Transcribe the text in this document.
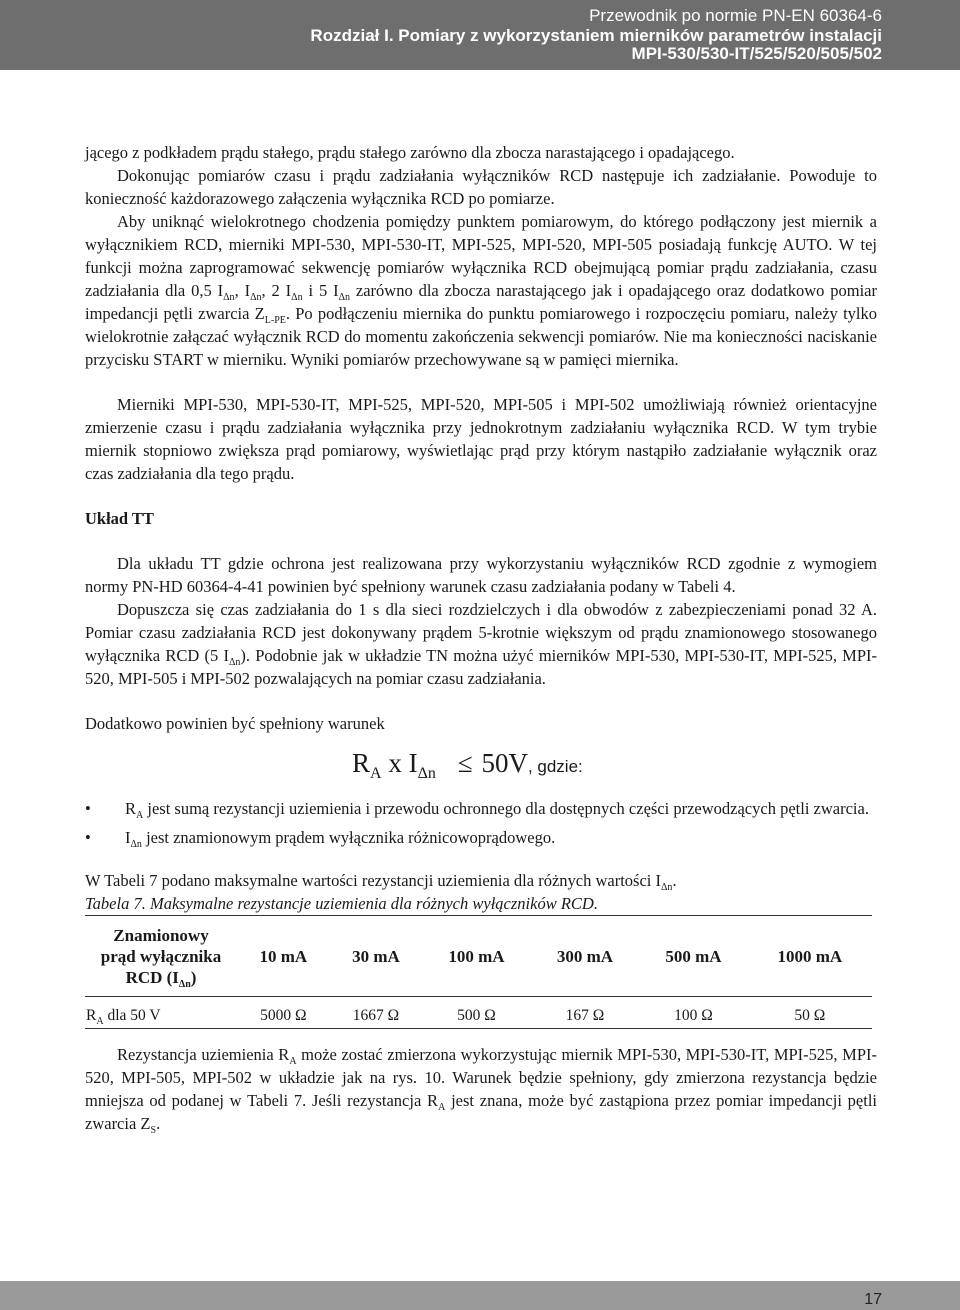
Przewodnik po normie PN-EN 60364-6
Rozdział I. Pomiary z wykorzystaniem mierników parametrów instalacji
MPI-530/530-IT/525/520/505/502

jącego z podkładem prądu stałego, prądu stałego zarówno dla zbocza narastającego i opadającego.

Dokonując pomiarów czasu i prądu zadziałania wyłączników RCD następuje ich zadziałanie. Powoduje to konieczność każdorazowego załączenia wyłącznika RCD po pomiarze.

Aby uniknąć wielokrotnego chodzenia pomiędzy punktem pomiarowym, do którego podłączony jest miernik a wyłącznikiem RCD, mierniki MPI-530, MPI-530-IT, MPI-525, MPI-520, MPI-505 posiadają funkcję AUTO. W tej funkcji można zaprogramować sekwencję pomiarów wyłącznika RCD obejmującą pomiar prądu zadziałania, czasu zadziałania dla 0,5 $I_{\Delta n}$, $I_{\Delta n}$, 2 $I_{\Delta n}$ i 5 $I_{\Delta n}$ zarówno dla zbocza narastającego jak i opadającego oraz dodatkowo pomiar impedancji pętli zwarcia $Z_{L-PE}$. Po podłączeniu miernika do punktu pomiarowego i rozpoczęciu pomiaru, należy tylko wielokrotnie załączać wyłącznik RCD do momentu zakończenia sekwencji pomiarów. Nie ma konieczności naciskanie przycisku START w mierniku. Wyniki pomiarów przechowywane są w pamięci miernika.

Mierniki MPI-530, MPI-530-IT, MPI-525, MPI-520, MPI-505 i MPI-502 umożliwiają również orientacyjne zmierzenie czasu i prądu zadziałania wyłącznika przy jednokrotnym zadziałaniu wyłącznika RCD. W tym trybie miernik stopniowo zwiększa prąd pomiarowy, wyświetlając prąd przy którym nastąpiło zadziałanie wyłącznik oraz czas zadziałania dla tego prądu.

Układ TT

Dla układu TT gdzie ochrona jest realizowana przy wykorzystaniu wyłączników RCD zgodnie z wymogiem normy PN-HD 60364-4-41 powinien być spełniony warunek czasu zadziałania podany w Tabeli 4.

Dopuszcza się czas zadziałania do 1 s dla sieci rozdzielczych i dla obwodów z zabezpieczeniami ponad 32 A. Pomiar czasu zadziałania RCD jest dokonywany prądem 5-krotnie większym od prądu znamionowego stosowanego wyłącznika RCD (5 $I_{\Delta n}$). Podobnie jak w układzie TN można użyć mierników MPI-530, MPI-530-IT, MPI-525, MPI-520, MPI-505 i MPI-502 pozwalających na pomiar czasu zadziałania.

Dodatkowo powinien być spełniony warunek

$R_A$ x $I_{\Delta n} \le 50V$, gdzie:
• $R_A$ jest sumą rezystancji uziemienia i przewodu ochronnego dla dostępnych części przewodzących pętli zwarcia.
• $I_{\Delta n}$ jest znamionowym prądem wyłącznika różnicowoprądowego.

W Tabeli 7 podano maksymalne wartości rezystancji uziemienia dla różnych wartości $I_{\Delta n}$.

Tabela 7. Maksymalne rezystancje uziemienia dla różnych wyłączników RCD.

Znamionowy
prąd wyłącznika
RCD $(I_{\Delta n})$	10 mA	30 mA	100 mA	300 mA	500 mA	1000 mA

$R_A$ dla 50 V	5000 Ω	1667 Ω	500 Ω	167 Ω	100 Ω	50 Ω

Rezystancja uziemienia $R_A$ może zostać zmierzona wykorzystując miernik MPI-530, MPI-530-IT, MPI-525, MPI-520, MPI-505, MPI-502 w układzie jak na rys. 10. Warunek będzie spełniony, gdy zmierzona rezystancja będzie mniejsza od podanej w Tabeli 7. Jeśli rezystancja $R_A$ jest znana, może być zastąpiona przez pomiar impedancji pętli zwarcia $Z_S$.

17
